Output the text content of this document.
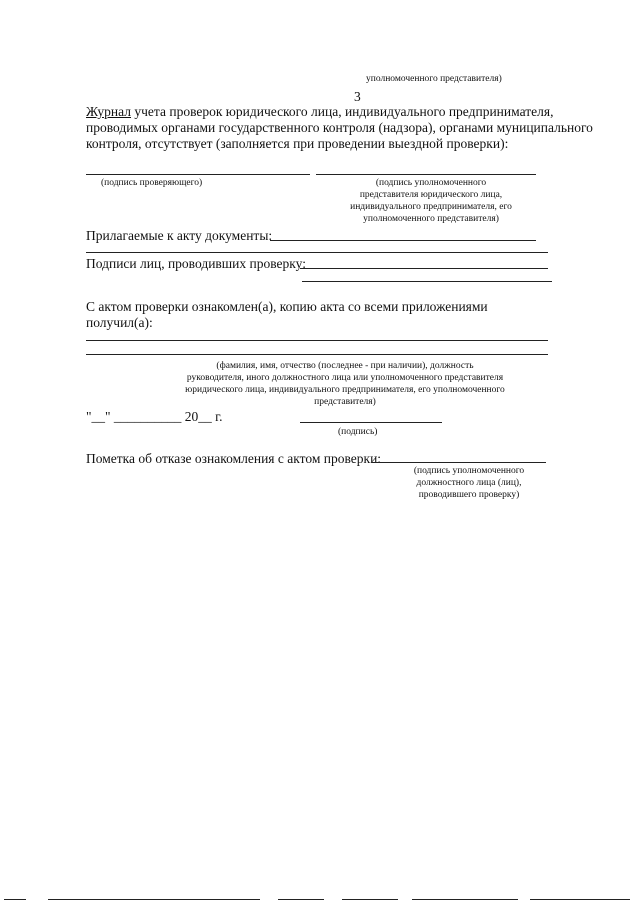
уполномоченного представителя)
3
Журнал учета проверок юридического лица, индивидуального предпринимателя,
проводимых органами государственного контроля (надзора), органами муниципального
контроля, отсутствует (заполняется при проведении выездной проверки):
(подпись проверяющего)	(подпись уполномоченного
представителя юридического лица,
индивидуального предпринимателя, его
уполномоченного представителя)
Прилагаемые к акту документы:
Подписи лиц, проводивших проверку:
С актом проверки ознакомлен(а), копию акта со всеми приложениями
получил(а):
(фамилия, имя, отчество (последнее - при наличии), должность
руководителя, иного должностного лица или уполномоченного представителя
юридического лица, индивидуального предпринимателя, его уполномоченного
представителя)
"__" __________ 20__ г.
(подпись)
Пометка об отказе ознакомления с актом проверки:
(подпись уполномоченного
должностного лица (лиц),
проводившего проверку)
